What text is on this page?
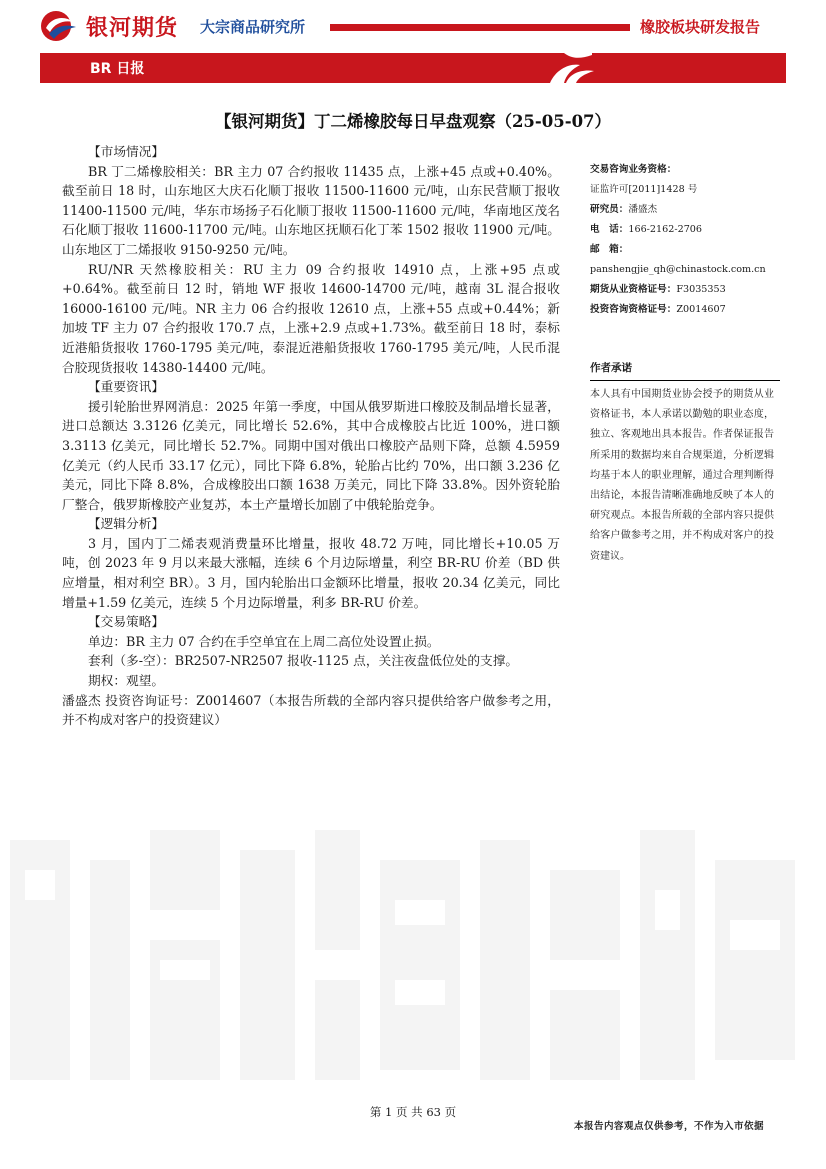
银河期货 大宗商品研究所	橡胶板块研发报告
BR 日报
【银河期货】丁二烯橡胶每日早盘观察（25-05-07）

【市场情况】

BR 丁二烯橡胶相关：BR 主力 07 合约报收 11435 点，上涨+45 点或+0.40%。截至前日 18 时，山东地区大庆石化顺丁报收 11500-11600 元/吨，山东民营顺丁报收 11400-11500 元/吨，华东市场扬子石化顺丁报收 11500-11600 元/吨，华南地区茂名石化顺丁报收 11600-11700 元/吨。山东地区抚顺石化丁苯 1502 报收 11900 元/吨。山东地区丁二烯报收 9150-9250 元/吨。

RU/NR 天然橡胶相关：RU 主力 09 合约报收 14910 点，上涨+95 点或+0.64%。截至前日 12 时，销地 WF 报收 14600-14700 元/吨，越南 3L 混合报收 16000-16100 元/吨。NR 主力 06 合约报收 12610 点，上涨+55 点或+0.44%；新加坡 TF 主力 07 合约报收 170.7 点，上涨+2.9 点或+1.73%。截至前日 18 时，泰标近港船货报收 1760-1795 美元/吨，泰混近港船货报收 1760-1795 美元/吨，人民币混合胶现货报收 14380-14400 元/吨。

【重要资讯】

援引轮胎世界网消息：2025 年第一季度，中国从俄罗斯进口橡胶及制品增长显著，进口总额达 3.3126 亿美元，同比增长 52.6%，其中合成橡胶占比近 100%，进口额 3.3113 亿美元，同比增长 52.7%。同期中国对俄出口橡胶产品则下降，总额 4.5959 亿美元（约人民币 33.17 亿元），同比下降 6.8%，轮胎占比约 70%，出口额 3.236 亿美元，同比下降 8.8%，合成橡胶出口额 1638 万美元，同比下降 33.8%。因外资轮胎厂整合，俄罗斯橡胶产业复苏，本土产量增长加剧了中俄轮胎竞争。

【逻辑分析】

3 月，国内丁二烯表观消费量环比增量，报收 48.72 万吨，同比增长+10.05 万吨，创 2023 年 9 月以来最大涨幅，连续 6 个月边际增量，利空 BR-RU 价差（BD 供应增量，相对利空 BR）。3 月，国内轮胎出口金额环比增量，报收 20.34 亿美元，同比增量+1.59 亿美元，连续 5 个月边际增量，利多 BR-RU 价差。

【交易策略】

单边：BR 主力 07 合约在手空单宜在上周二高位处设置止损。

套利（多-空）：BR2507-NR2507 报收-1125 点，关注夜盘低位处的支撑。

期权：观望。

潘盛杰 投资咨询证号：Z0014607（本报告所载的全部内容只提供给客户做参考之用，并不构成对客户的投资建议）

交易咨询业务资格：
证监许可[2011]1428 号
研究员：潘盛杰
电　话：166-2162-2706
邮　箱：
panshengjie_qh@chinastock.com.cn
期货从业资格证号：F3035353
投资咨询资格证号：Z0014607
作者承诺
本人具有中国期货业协会授予的期货从业资格证书，本人承诺以勤勉的职业态度，独立、客观地出具本报告。作者保证报告所采用的数据均来自合规渠道，分析逻辑均基于本人的职业理解，通过合理判断得出结论，本报告清晰准确地反映了本人的研究观点。本报告所载的全部内容只提供给客户做参考之用，并不构成对客户的投资建议。
第 1 页 共 63 页
本报告内容观点仅供参考，不作为入市依据
